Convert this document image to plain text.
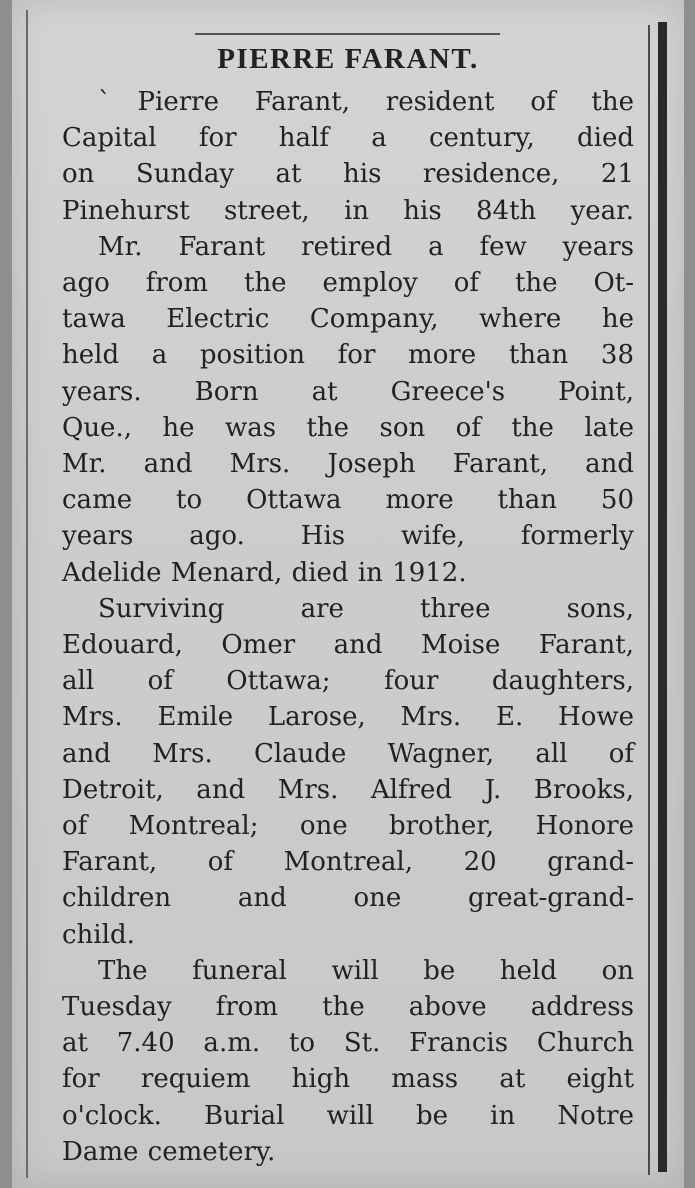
PIERRE FARANT.

ˋPierre Farant, resident of the
Capital for half a century, died
on Sunday at his residence, 21
Pinehurst street, in his 84th year.

Mr. Farant retired a few years
ago from the employ of the Ot-
tawa Electric Company, where he
held a position for more than 38
years. Born at Greece's Point,
Que., he was the son of the late
Mr. and Mrs. Joseph Farant, and
came to Ottawa more than 50
years ago. His wife, formerly
Adelide Menard, died in 1912.

Surviving are three sons,
Edouard, Omer and Moise Farant,
all of Ottawa; four daughters,
Mrs. Emile Larose, Mrs. E. Howe
and Mrs. Claude Wagner, all of
Detroit, and Mrs. Alfred J. Brooks,
of Montreal; one brother, Honore
Farant, of Montreal, 20 grand-
children and one great-grand-
child.

The funeral will be held on
Tuesday from the above address
at 7.40 a.m. to St. Francis Church
for requiem high mass at eight
o'clock. Burial will be in Notre
Dame cemetery.
